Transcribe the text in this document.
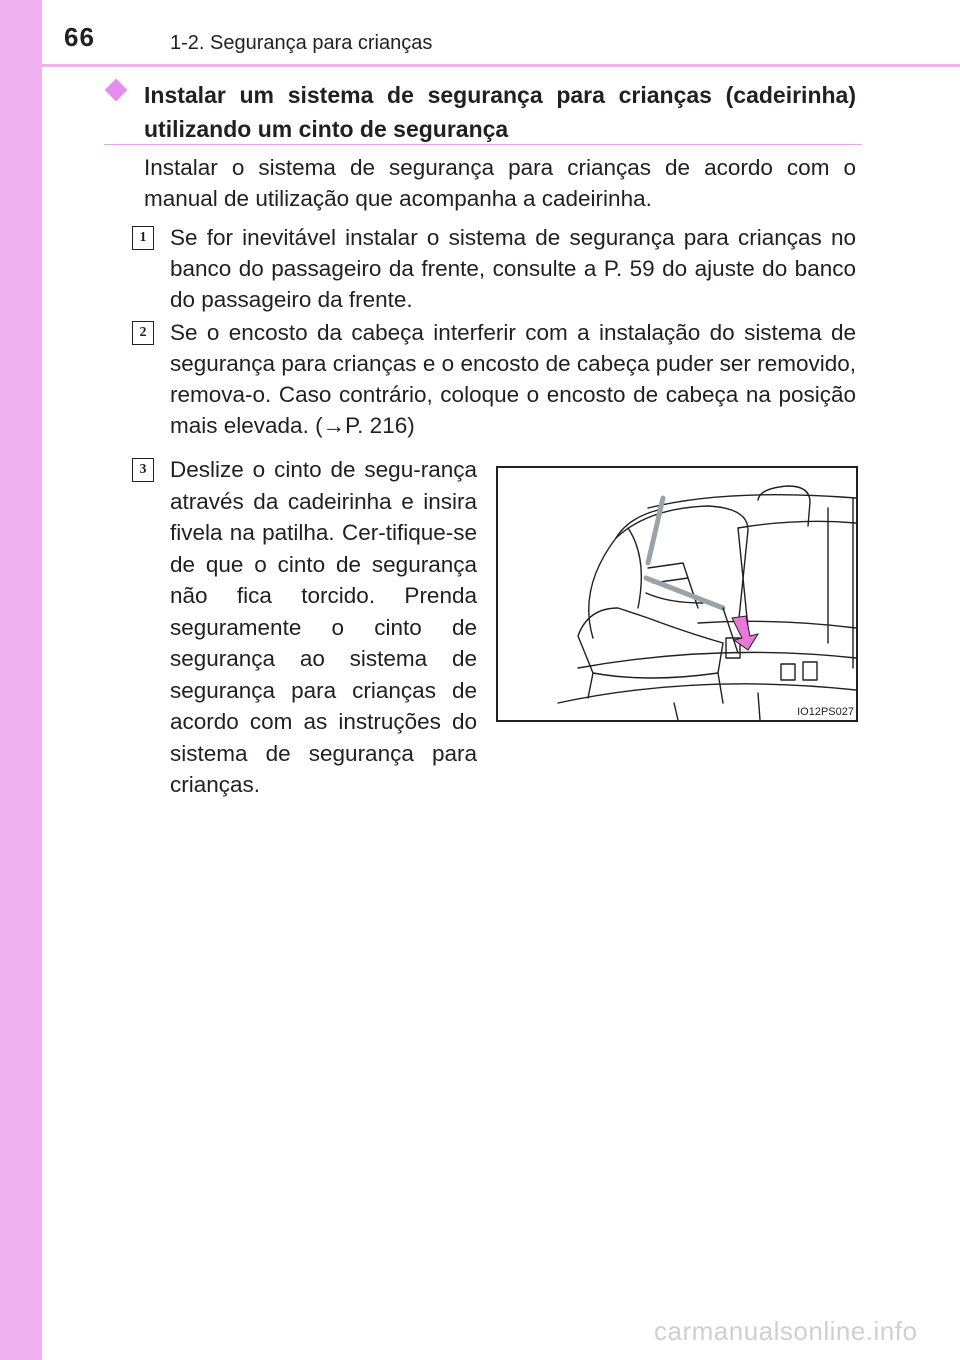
66	1-2. Segurança para crianças
Instalar um sistema de segurança para crianças (cadeirinha) utilizando um cinto de segurança
Instalar o sistema de segurança para crianças de acordo com o manual de utilização que acompanha a cadeirinha.
1	Se for inevitável instalar o sistema de segurança para crianças no banco do passageiro da frente, consulte a P. 59 do ajuste do banco do passageiro da frente.
2	Se o encosto da cabeça interferir com a instalação do sistema de segurança para crianças e o encosto de cabeça puder ser removido, remova-o. Caso contrário, coloque o encosto de cabeça na posição mais elevada. (→P. 216)
3	Deslize o cinto de segu-rança através da cadeirinha e insira fivela na patilha. Cer-tifique-se de que o cinto de segurança não fica torcido. Prenda seguramente o cinto de segurança ao sistema de segurança para crianças de acordo com as instruções do sistema de segurança para crianças.
IO12PS027
carmanualsonline.info
